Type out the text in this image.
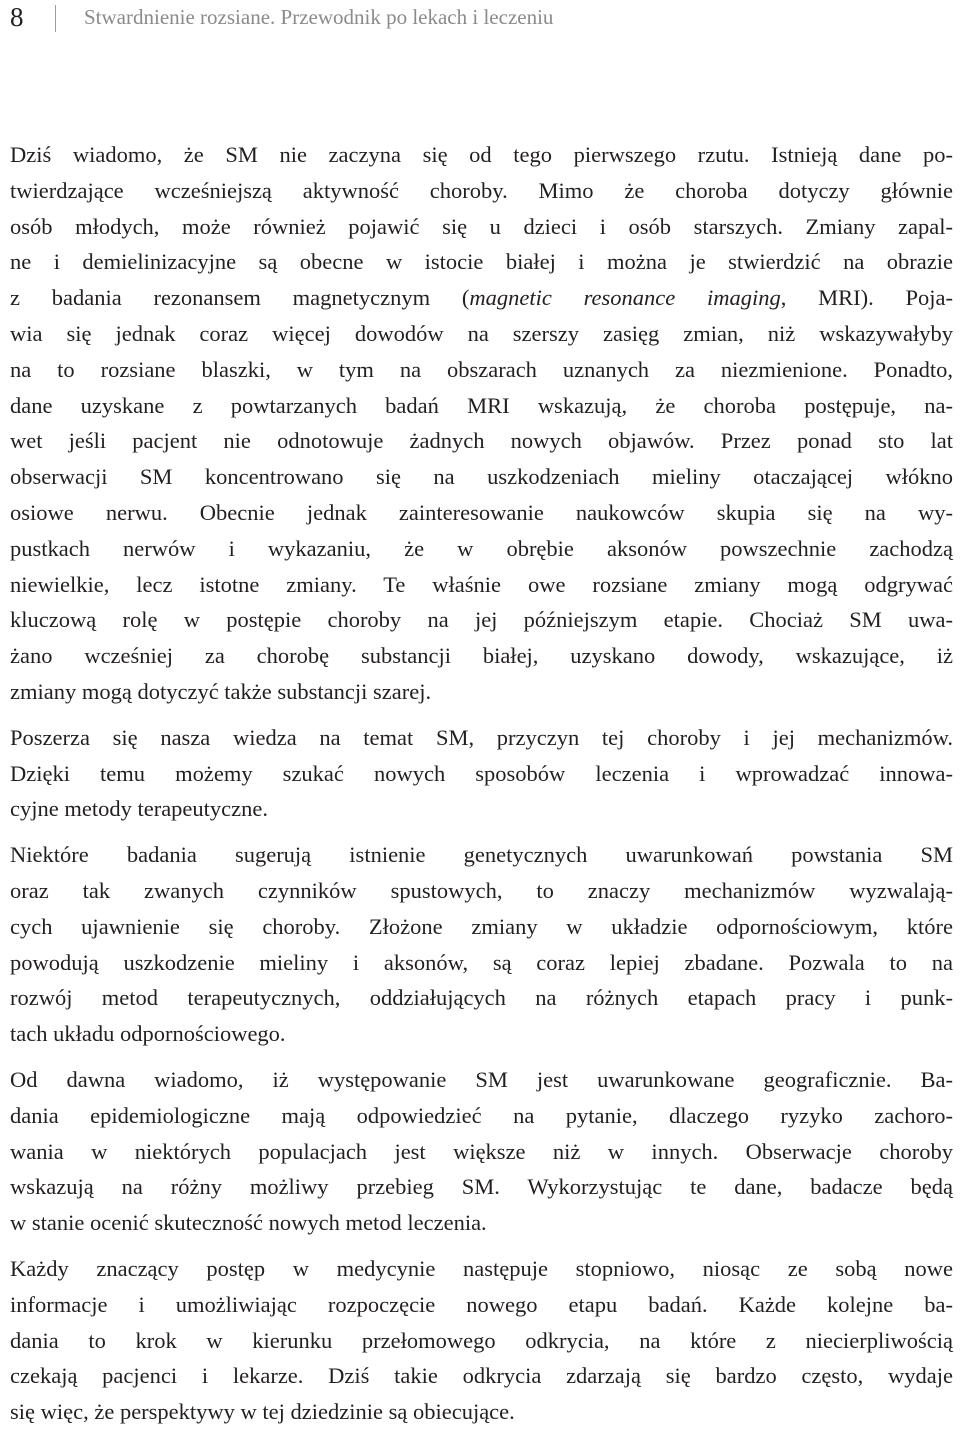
8	Stwardnienie rozsiane. Przewodnik po lekach i leczeniu

Dziś wiadomo, że SM nie zaczyna się od tego pierwszego rzutu. Istnieją dane po-
twierdzające wcześniejszą aktywność choroby. Mimo że choroba dotyczy głównie
osób młodych, może również pojawić się u dzieci i osób starszych. Zmiany zapal-
ne i demielinizacyjne są obecne w istocie białej i można je stwierdzić na obrazie
z badania rezonansem magnetycznym (magnetic resonance imaging, MRI). Poja-
wia się jednak coraz więcej dowodów na szerszy zasięg zmian, niż wskazywałyby
na to rozsiane blaszki, w tym na obszarach uznanych za niezmienione. Ponadto,
dane uzyskane z powtarzanych badań MRI wskazują, że choroba postępuje, na-
wet jeśli pacjent nie odnotowuje żadnych nowych objawów. Przez ponad sto lat
obserwacji SM koncentrowano się na uszkodzeniach mieliny otaczającej włókno
osiowe nerwu. Obecnie jednak zainteresowanie naukowców skupia się na wy-
pustkach nerwów i wykazaniu, że w obrębie aksonów powszechnie zachodzą
niewielkie, lecz istotne zmiany. Te właśnie owe rozsiane zmiany mogą odgrywać
kluczową rolę w postępie choroby na jej późniejszym etapie. Chociaż SM uwa-
żano wcześniej za chorobę substancji białej, uzyskano dowody, wskazujące, iż
zmiany mogą dotyczyć także substancji szarej.

Poszerza się nasza wiedza na temat SM, przyczyn tej choroby i jej mechanizmów.
Dzięki temu możemy szukać nowych sposobów leczenia i wprowadzać innowa-
cyjne metody terapeutyczne.

Niektóre badania sugerują istnienie genetycznych uwarunkowań powstania SM
oraz tak zwanych czynników spustowych, to znaczy mechanizmów wyzwalają-
cych ujawnienie się choroby. Złożone zmiany w układzie odpornościowym, które
powodują uszkodzenie mieliny i aksonów, są coraz lepiej zbadane. Pozwala to na
rozwój metod terapeutycznych, oddziałujących na różnych etapach pracy i punk-
tach układu odpornościowego.

Od dawna wiadomo, iż występowanie SM jest uwarunkowane geograficznie. Ba-
dania epidemiologiczne mają odpowiedzieć na pytanie, dlaczego ryzyko zachoro-
wania w niektórych populacjach jest większe niż w innych. Obserwacje choroby
wskazują na różny możliwy przebieg SM. Wykorzystując te dane, badacze będą
w stanie ocenić skuteczność nowych metod leczenia.

Każdy znaczący postęp w medycynie następuje stopniowo, niosąc ze sobą nowe
informacje i umożliwiając rozpoczęcie nowego etapu badań. Każde kolejne ba-
dania to krok w kierunku przełomowego odkrycia, na które z niecierpliwością
czekają pacjenci i lekarze. Dziś takie odkrycia zdarzają się bardzo często, wydaje
się więc, że perspektywy w tej dziedzinie są obiecujące.
